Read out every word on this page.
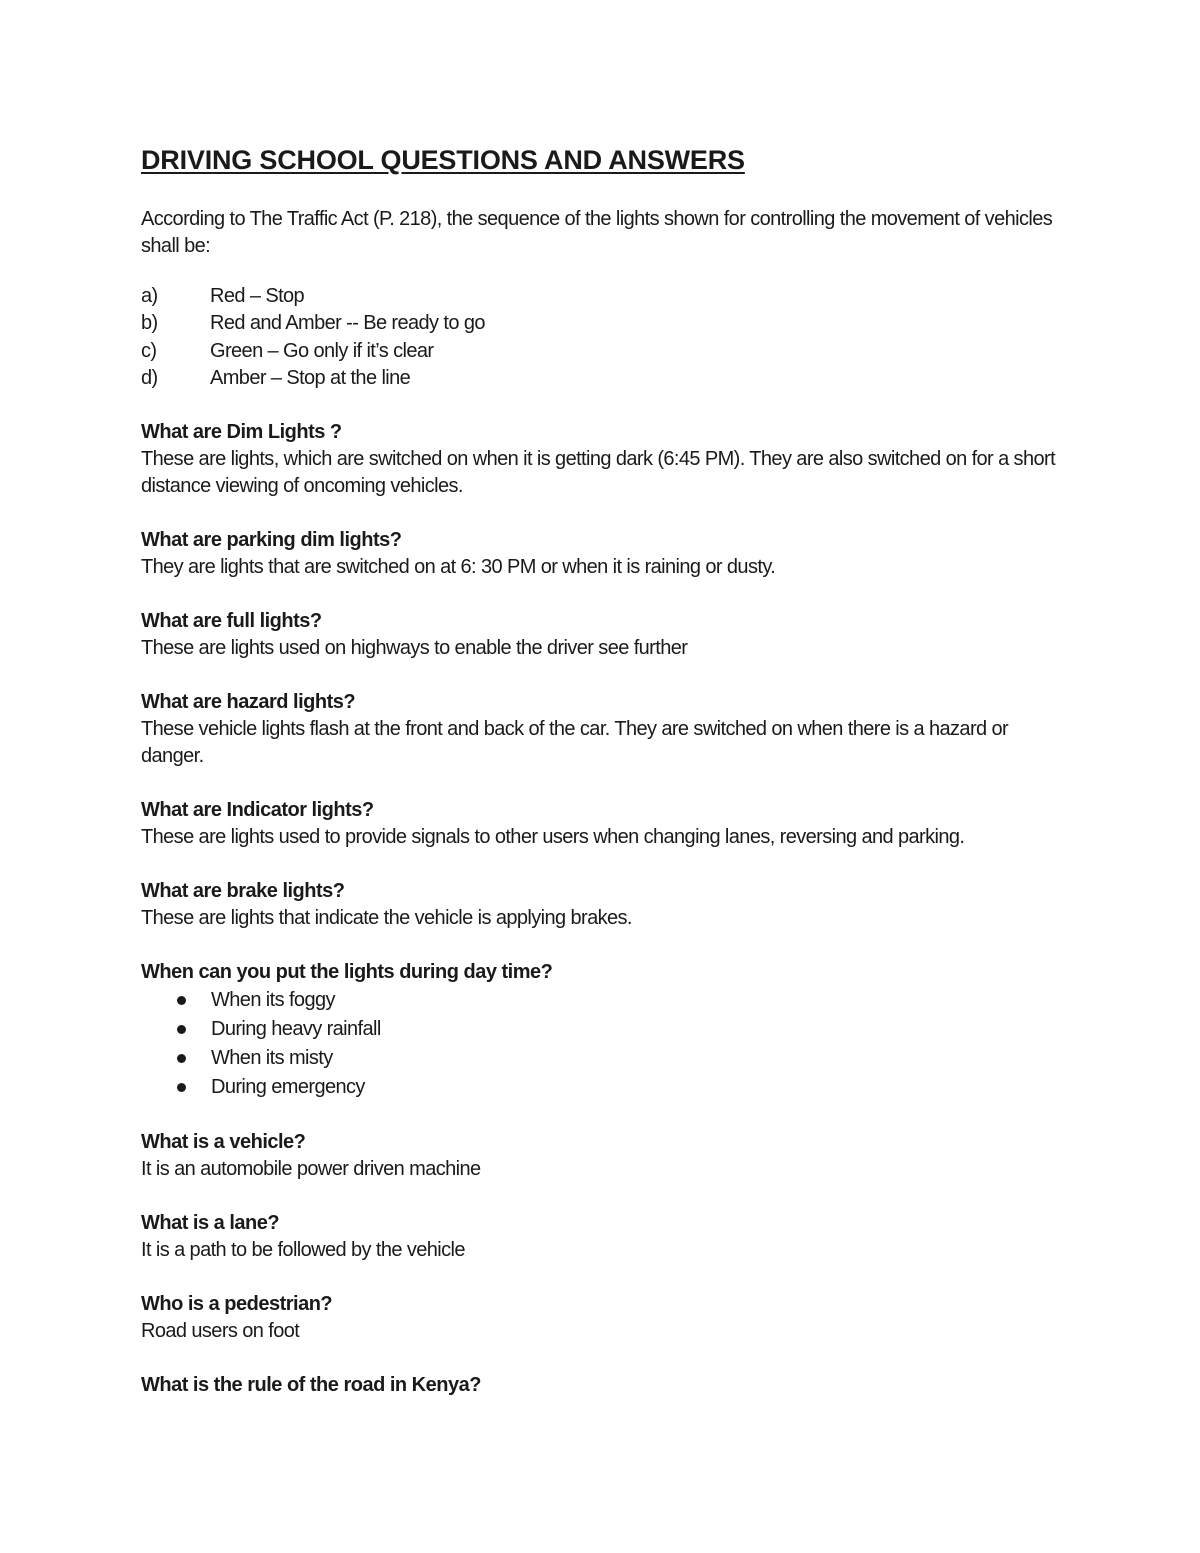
DRIVING SCHOOL QUESTIONS AND ANSWERS

According to The Traffic Act (P. 218), the sequence of the lights shown for controlling the movement of vehicles shall be:

a)	Red – Stop
b)	Red and Amber -- Be ready to go
c)	Green – Go only if it’s clear
d)	Amber – Stop at the line

What are Dim Lights ?

These are lights, which are switched on when it is getting dark (6:45 PM). They are also switched on for a short distance viewing of oncoming vehicles.

What are parking dim lights?

They are lights that are switched on at 6: 30 PM or when it is raining or dusty.

What are full lights?

These are lights used on highways to enable the driver see further

What are hazard lights?

These vehicle lights flash at the front and back of the car. They are switched on when there is a hazard or danger.

What are Indicator lights?

These are lights used to provide signals to other users when changing lanes, reversing and parking.

What are brake lights?

These are lights that indicate the vehicle is applying brakes.

When can you put the lights during day time?

When its foggy
During heavy rainfall
When its misty
During emergency

What is a vehicle?

It is an automobile power driven machine

What is a lane?

It is a path to be followed by the vehicle

Who is a pedestrian?

Road users on foot

What is the rule of the road in Kenya?
